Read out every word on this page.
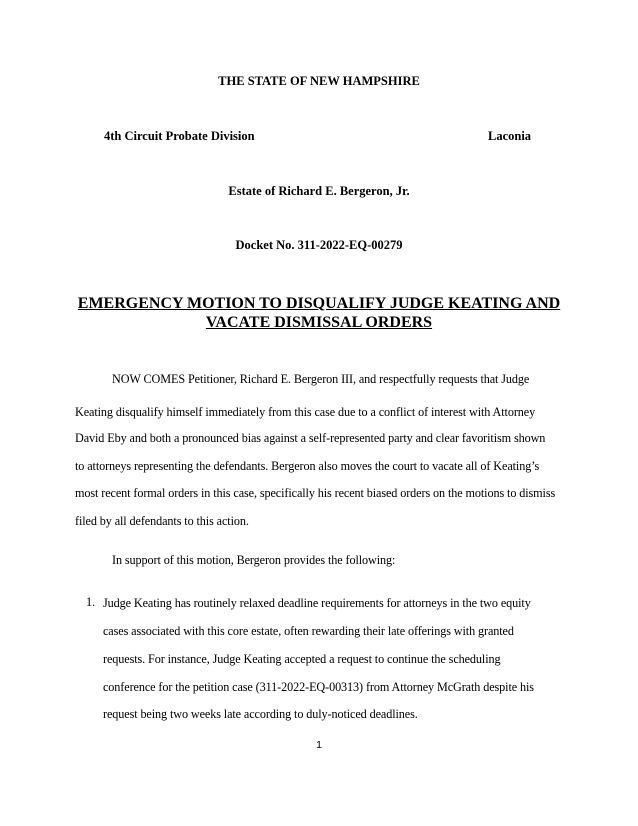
THE STATE OF NEW HAMPSHIRE
4th Circuit Probate Division	Laconia
Estate of Richard E. Bergeron, Jr.
Docket No. 311-2022-EQ-00279
EMERGENCY MOTION TO DISQUALIFY JUDGE KEATING AND
VACATE DISMISSAL ORDERS
NOW COMES Petitioner, Richard E. Bergeron III, and respectfully requests that Judge
Keating disqualify himself immediately from this case due to a conflict of interest with Attorney
David Eby and both a pronounced bias against a self-represented party and clear favoritism shown
to attorneys representing the defendants. Bergeron also moves the court to vacate all of Keating’s
most recent formal orders in this case, specifically his recent biased orders on the motions to dismiss
filed by all defendants to this action.
In support of this motion, Bergeron provides the following:
1. Judge Keating has routinely relaxed deadline requirements for attorneys in the two equity
cases associated with this core estate, often rewarding their late offerings with granted
requests. For instance, Judge Keating accepted a request to continue the scheduling
conference for the petition case (311-2022-EQ-00313) from Attorney McGrath despite his
request being two weeks late according to duly-noticed deadlines.
1
